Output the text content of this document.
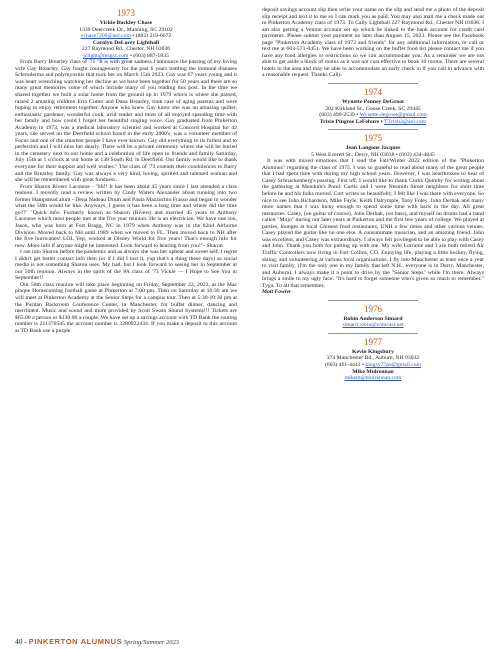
1973
Vickie Buckley Chase
1339 Deercreek Dr., Manning, SC 29102
vchase7209@aol.com • (803) 219-6672
Carolyn DeLorey Lighthall
227 Raymond Rd., Chester, NH 03036
jclight@msgsc.com • (603) 887-1835

From Barry Brearley class of '71 "It is with great sadness I announce the passing of my loving wife Gay Brearley. Gay fought courageously for the past 6 years battling the immune diseases Scleroderma and polymyositis that took her on March 15th 2023. Gay was 67 years young and it was heart wrenching watching her decline as we have been together for 50 years and there are so many great memories some of which include many of you reading this post. In the time we shared together we built a solar home from the ground up in 1979 which is where she passed, raised 2 amazing children Erin Cutter and Dana Brearley, took care of aging parents and were hoping to enjoy retirement together. Anyone who knew Gay knew she was an amazing quilter, enthusiastic gardener, wonderful cook, avid reader and most of all enjoyed spending time with her family and how could I forget her beautiful singing voice. Gay graduated from Pinkerton Academy in 1973, was a medical laboratory scientist and worked at Concord Hospital for 42 years, she served on the Deerfield school board in the early 2000's, was a volunteer member of Focus and one of the smartest people I have ever known. Gay did everything to its fullest and to perfection and I will miss her dearly. There will be a private ceremony where she will be buried in the cemetery next to our home and a celebration of life open to friends and family Saturday, July 15th at 1 o'clock at our home at 138 South Rd. in Deerfield. Our family would like to thank everyone for their support and well wishes." The class of '73 extends their condolences to Barry and the Brearley family. Gay was always a very kind, loving, spirited and talented woman and she will be remembered with great fondness.

From Sharon Rivers Lacourse - "Hi!! It has been about 45 years since I last attended a class reunion. I recently read a review written by Cindy Waters Alexander about running into two former Hampstead alum - Dena Nadeau Drum and Paula Mazzuchio Frasso and began to wonder what the 50th would be like. Anyways, I guess it has been a long time and where did the time go?!" "Quick info: Formerly known as Sharon (Rivers) and married 45 years to Anthony Lacourse which most people met at the five year reunion. He is an electrician. We have one son, Jason, who was born at Fort Bragg, NC in 1979 when Anthony was in the 82nd Airborne Division. Moved back to NH until 1989 when we moved to FL. Then moved back to NH after the five hurricanes! LOL Yep, worked at Disney World for five years! That's enough info for now. More info if anyone might be interested. Look forward to hearing from you!"- Sharon

I ran into Sharon before the pandemic and as always she was her upbeat and sweet self. I regret I didn't get better contact info then (or if I did I lost it, yup that's a thing these days) as social media is not something Sharon uses. My bad, but I look forward to seeing her in September at our 50th reunion. Always in the spirit of the PA class of '73 Vickie — I Hope to See You in September!!

Our 50th class reunion will take place beginning on Friday, September 22, 2023, at the Mac plaque Homecoming football game at Pinkerton at 7:00 pm. Then on Saturday at 10:30 am we will meet at Pinkerton Academy at the Senior Steps for a campus tour. Then at 5:30-10:30 pm at the Puritan Backroom Conference Center, in Manchester, for buffet dinner, dancing and merriment. Music and sound and more provided by Scott Swain Sound Systems!!! Tickets are $65.00 a person or $130.00 a couple. We have set up a savings account with TD Bank the routing number is 211370545 the account number is 3280922434. If you make a deposit to this account at TD Bank use a purple

deposit savings account slip then write your name on the slip and send me a photo of the deposit slip receipt and text it to me so I can mark you as paid. You may also mail me a check made out to Pinkerton Academy class of 1973. To Cally Lighthall 227 Raymond Rd., Chester NH 03036. I am also getting a Venmo account set up which be linked to the bank account for credit card payments. Please submit your payment no later than August 15, 2023. Please see the Facebook page "Pinkerton Academy class of 1973 and friends" for any additional information, or call or text me at 603-571-0451. We have been working on the buffet food list please contact me if you have any food allergies or restrictions so we can accommodate you. As a reminder we are not able to get aside a block of rooms as it was not cost effective to book 10 rooms. There are several hotels in the area and may be able to accommodate an early check in if you call in advance with a reasonable request. Thanks Cally.

1974
Wynette Penney DeGroot
202 Kirkland St., Goose Creek, SC 29445
(603) 490-2539 • Wynette.degroot@gmail.com
Trixie Pingree LeFebure • TTrixb2@aol.com
1975
Jean Langone Jacques
5 West Everett St., Derry, NH 03038 • (603) 434-4845

It was with mixed emotions that I read the Fall/Winter 2022 edition of the "Pinkerton Alumnus" regarding the class of 1975. I was so grateful to read about many of the great people that I had spent time with during my high school years. However, I was heartbroken to hear of Casey Schnackenberg's passing. First off, I would like to thank Curtis Quimby for writing about the gathering at Mendum's Pond. Curtis and I were Nesmith Street neighbors for short time before he and his folks moved. Curt writes so beautifully, I felt like I was there with everyone. So nice to see John Richardson, Mike Fayle, Keith Dalrymple, Tony Foley, John Derhak and many more names that I was lucky enough to spend some time with back in the day. All great memories. Casey, (on guitar of course), John Derhak, (on bass), and myself on drums had a band called "Mojo" during our later years at Pinkerton and the first few years of college. We played at parties, lounges at local Chinese food restaurants, UNH a few times and other various venues. Casey played the guitar like no one else. A consummate musician, and an amazing friend. John was excellent, and Casey was extraordinary. I always felt privileged to be able to play with Casey and John. Thank you both for putting up with me. My wife Lorraine and I are both retired Air Traffic Controllers now living in Fort Collins, CO. Enjoying life, playing a little hockey, flying, skiing, and volunteering at various local organizations. I fly into Manchester at least once a year to visit family, (I'm the only one in my family that left N.H., everyone is in Derry, Manchester, and Auburn). I always make it a point to drive by the "Senior Steps" while I'm there. Always brings a smile to my ugly face. "It's hard to forget someone who's given so much to remember." Tyga. To all that remember,

Matt Fowler
1976
Robin Anderson Simard
simard.robin@comcast.net
1977
Kevin Kingsbury
374 Manchester Rd., Auburn, NH 03032
(603) 461-4443 • kingsy77pa@gmail.com
Mike Mulrennan
mikem@mulrennan.com
40 - PINKERTON ALUMNUS Spring/Summer 2023
